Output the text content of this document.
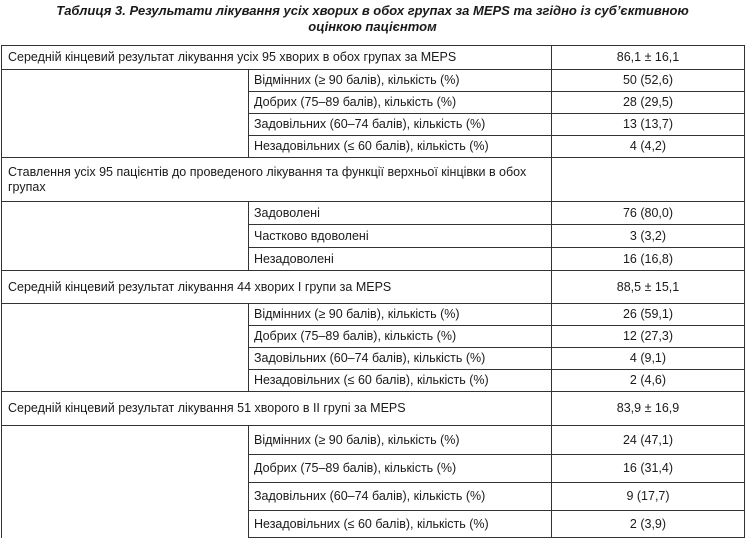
Таблиця 3. Результати лікування усіх хворих в обох групах за MEPS та згідно із суб’єктивною
оцінкою пацієнтом
Середній кінцевий результат лікування усіх 95 хворих в обох групах за MEPS		86,1 ± 16,1
	Відмінних (≥ 90 балів), кількість (%)	50 (52,6)
	Добрих (75–89 балів), кількість (%)	28 (29,5)
	Задовільних (60–74 балів), кількість (%)	13 (13,7)
	Незадовільних (≤ 60 балів), кількість (%)	4 (4,2)
Ставлення усіх 95 пацієнтів до проведеного лікування та функції верхньої кінцівки в обох групах		
	Задоволені	76 (80,0)
	Частково вдоволені	3 (3,2)
	Незадоволені	16 (16,8)
Середній кінцевий результат лікування 44 хворих I групи за MEPS		88,5 ± 15,1
	Відмінних (≥ 90 балів), кількість (%)	26 (59,1)
	Добрих (75–89 балів), кількість (%)	12 (27,3)
	Задовільних (60–74 балів), кількість (%)	4 (9,1)
	Незадовільних (≤ 60 балів), кількість (%)	2 (4,6)
Середній кінцевий результат лікування 51 хворого в II групі за MEPS		83,9 ± 16,9
	Відмінних (≥ 90 балів), кількість (%)	24 (47,1)
	Добрих (75–89 балів), кількість (%)	16 (31,4)
	Задовільних (60–74 балів), кількість (%)	9 (17,7)
	Незадовільних (≤ 60 балів), кількість (%)	2 (3,9)
